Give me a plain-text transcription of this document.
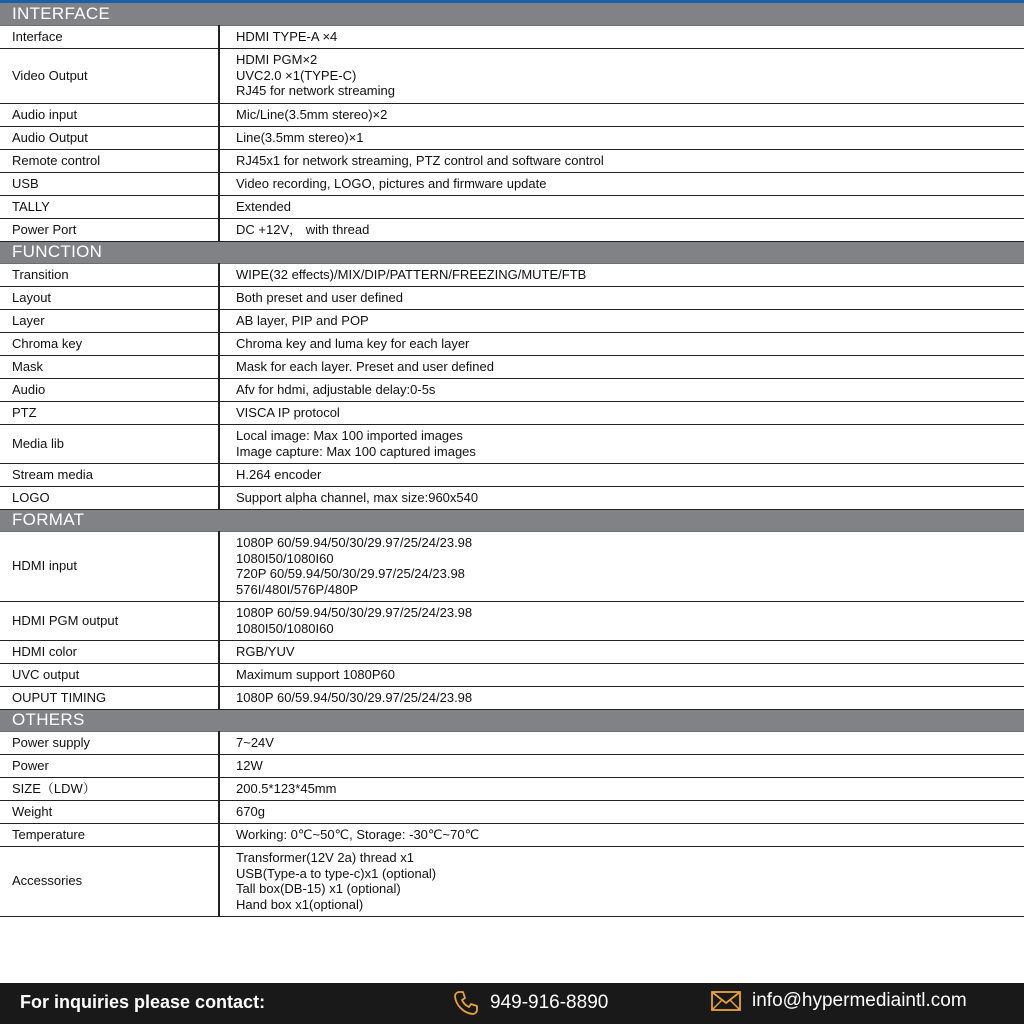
INTERFACE	
Interface	HDMI TYPE-A ×4

Video Output	HDMI PGM×2
UVC2.0 ×1(TYPE-C)
RJ45 for network streaming

Audio input	Mic/Line(3.5mm stereo)×2

Audio Output	Line(3.5mm stereo)×1

Remote control	RJ45x1 for network streaming, PTZ control and software control

USB	Video recording, LOGO, pictures and firmware update

TALLY	Extended

Power Port	DC +12V， with thread

FUNCTION	
Transition	WIPE(32 effects)/MIX/DIP/PATTERN/FREEZING/MUTE/FTB

Layout	Both preset and user defined

Layer	AB layer, PIP and POP

Chroma key	Chroma key and luma key for each layer

Mask	Mask for each layer. Preset and user defined

Audio	Afv for hdmi, adjustable delay:0-5s

PTZ	VISCA IP protocol

Media lib	Local image: Max 100 imported images
Image capture: Max 100 captured images

Stream media	H.264 encoder

LOGO	Support alpha channel, max size:960x540

FORMAT	
HDMI input	1080P 60/59.94/50/30/29.97/25/24/23.98
1080I50/1080I60
720P 60/59.94/50/30/29.97/25/24/23.98
576I/480I/576P/480P

HDMI PGM output	1080P 60/59.94/50/30/29.97/25/24/23.98
1080I50/1080I60

HDMI color	RGB/YUV

UVC output	Maximum support 1080P60

OUPUT TIMING	1080P 60/59.94/50/30/29.97/25/24/23.98

OTHERS	
Power supply	7~24V

Power	12W

SIZE（LDW）	200.5*123*45mm

Weight	670g

Temperature	Working: 0℃~50℃, Storage: -30℃~70℃

Accessories	Transformer(12V 2a) thread x1
USB(Type-a to type-c)x1 (optional)
Tall box(DB-15) x1 (optional)
Hand box x1(optional)
For inquiries please contact:	949-916-8890	info@hypermediaintl.com
